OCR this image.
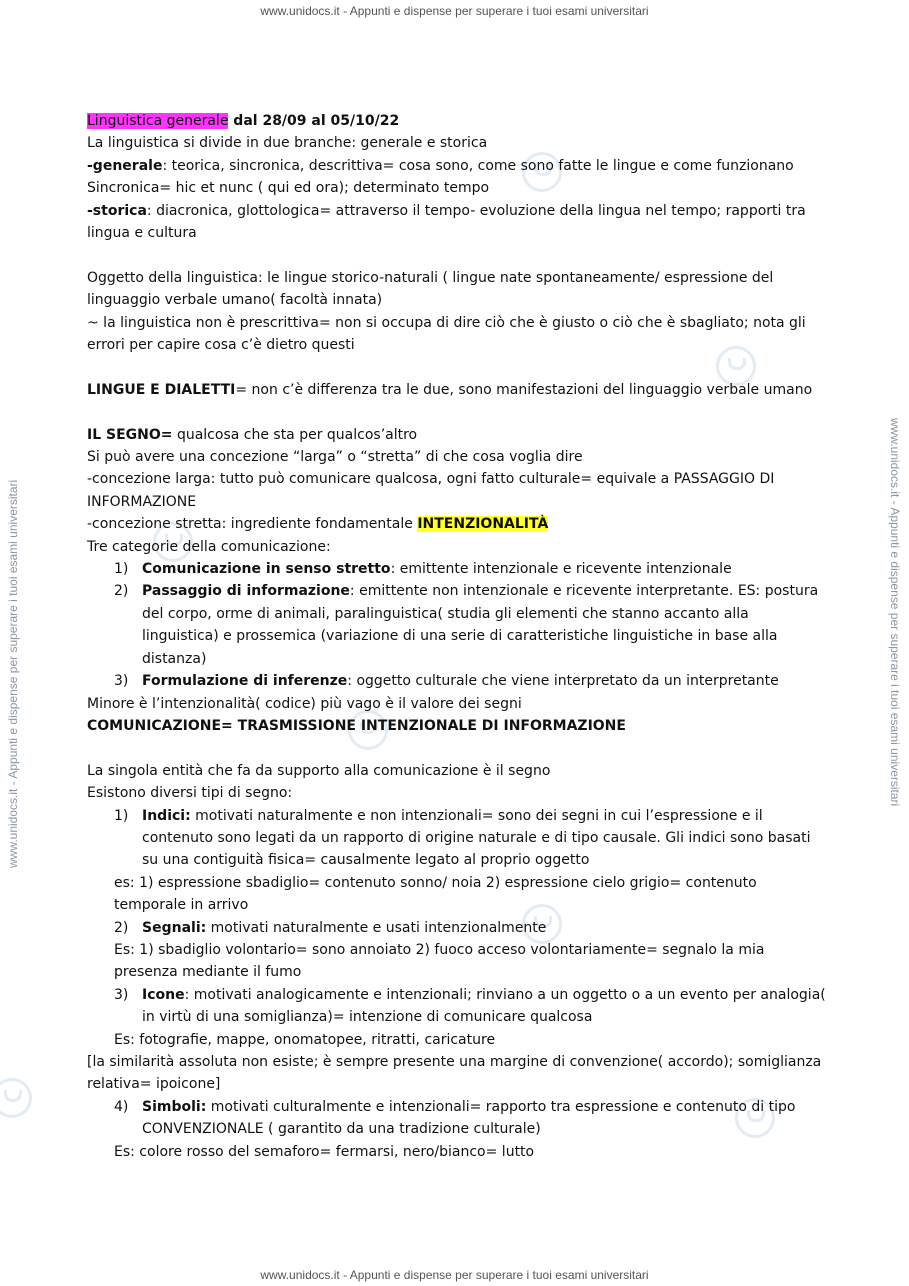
www.unidocs.it - Appunti e dispense per superare i tuoi esami universitari
www.unidocs.it - Appunti e dispense per superare i tuoi esami universitari
www.unidocs.it - Appunti e dispense per superare i tuoi esami universitari	www.unidocs.it - Appunti e dispense per superare i tuoi esami universitari

Linguistica generale dal 28/09 al 05/10/22

La linguistica si divide in due branche: generale e storica

-generale: teorica, sincronica, descrittiva= cosa sono, come sono fatte le lingue e come funzionano

Sincronica= hic et nunc ( qui ed ora); determinato tempo

-storica: diacronica, glottologica= attraverso il tempo- evoluzione della lingua nel tempo; rapporti tra lingua e cultura

Oggetto della linguistica: le lingue storico-naturali ( lingue nate spontaneamente/ espressione del linguaggio verbale umano( facoltà innata)

~ la linguistica non è prescrittiva= non si occupa di dire ciò che è giusto o ciò che è sbagliato; nota gli errori per capire cosa c’è dietro questi

LINGUE E DIALETTI= non c’è differenza tra le due, sono manifestazioni del linguaggio verbale umano

IL SEGNO= qualcosa che sta per qualcos’altro

Si può avere una concezione “larga” o “stretta” di che cosa voglia dire

-concezione larga: tutto può comunicare qualcosa, ogni fatto culturale= equivale a PASSAGGIO DI INFORMAZIONE

-concezione stretta: ingrediente fondamentale INTENZIONALITÀ

Tre categorie della comunicazione:

1) Comunicazione in senso stretto: emittente intenzionale e ricevente intenzionale
2) Passaggio di informazione: emittente non intenzionale e ricevente interpretante. ES: postura del corpo, orme di animali, paralinguistica( studia gli elementi che stanno accanto alla linguistica) e prossemica (variazione di una serie di caratteristiche linguistiche in base alla distanza)
3) Formulazione di inferenze: oggetto culturale che viene interpretato da un interpretante

Minore è l’intenzionalità( codice) più vago è il valore dei segni

COMUNICAZIONE= TRASMISSIONE INTENZIONALE DI INFORMAZIONE

La singola entità che fa da supporto alla comunicazione è il segno

Esistono diversi tipi di segno:

1) Indici: motivati naturalmente e non intenzionali= sono dei segni in cui l’espressione e il contenuto sono legati da un rapporto di origine naturale e di tipo causale. Gli indici sono basati su una contiguità fisica= causalmente legato al proprio oggetto

es: 1) espressione sbadiglio= contenuto sonno/ noia 2) espressione cielo grigio= contenuto temporale in arrivo

2) Segnali: motivati naturalmente e usati intenzionalmente

Es: 1) sbadiglio volontario= sono annoiato 2) fuoco acceso volontariamente= segnalo la mia presenza mediante il fumo

3) Icone: motivati analogicamente e intenzionali; rinviano a un oggetto o a un evento per analogia( in virtù di una somiglianza)= intenzione di comunicare qualcosa

Es: fotografie, mappe, onomatopee, ritratti, caricature

[la similarità assoluta non esiste; è sempre presente una margine di convenzione( accordo); somiglianza relativa= ipoicone]

4) Simboli: motivati culturalmente e intenzionali= rapporto tra espressione e contenuto di tipo CONVENZIONALE ( garantito da una tradizione culturale)

Es: colore rosso del semaforo= fermarsi, nero/bianco= lutto
